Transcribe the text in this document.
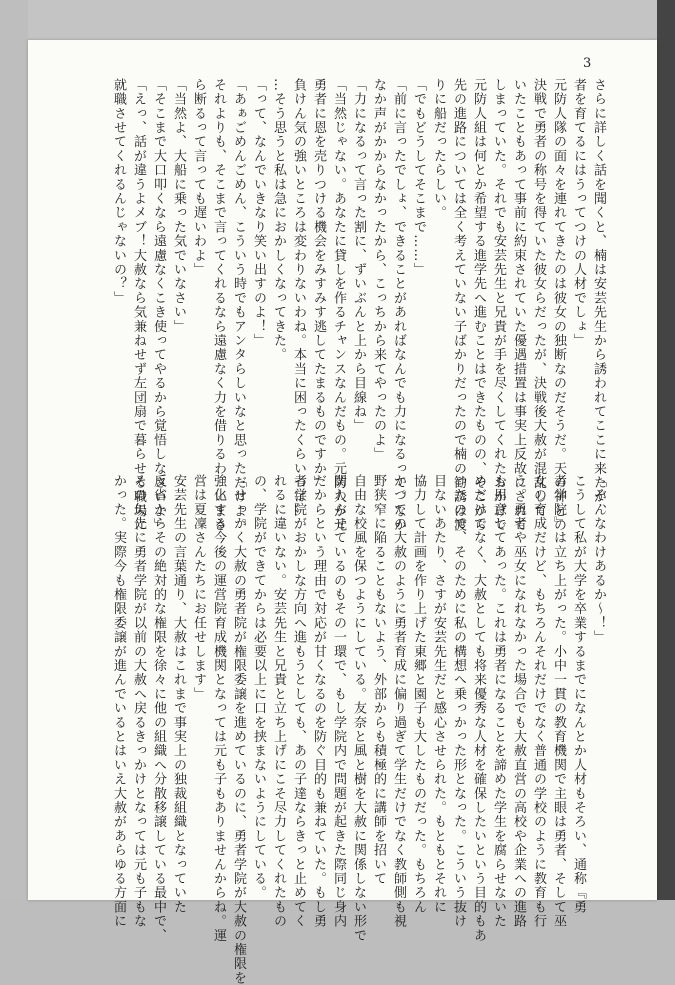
3
さらに詳しく話を聞くと、楠は安芸先生から誘われてここに来たが、
者を育てるにはうってつけの人材でしょ」
元防人隊の面々を連れてきたのは彼女の独断なのだそうだ。天の神との
決戦で勇者の称号を得ていた彼女らだったが、決戦後大赦が混乱して
いたこともあって事前に約束されていた優遇措置は事実上反故にされて
しまっていた。それでも安芸先生と兄貴が手を尽くしてくれたおかげで
元防人組は何とか希望する進学先へ進むことはできたものの、そこから
先の進路については全く考えていない子ばかりだったので楠の勧誘は渡
りに船だったらしい。
「でもどうしてそこまで……」
「前に言ったでしょ、できることがあればなんでも力になるって。なか
なか声がかからなかったから、こっちから来てやったのよ」
「力になるって言った割に、ずいぶんと上から目線ね」
「当然じゃない。あなたに貸しを作るチャンスなんだもの。元防人が元
勇者に恩を売りつける機会をみすみす逃してたまるものですか」
負けん気の強いところは変わりないわね。本当に困ったくらいつは…
…そう思うと私は急におかしくなってきた。
「って、なんでいきなり笑い出すのよ！」
「あぁごめんごめん、こういう時でもアンタらしいなと思っただけよ。
それよりも、そこまで言ってくれるなら遠慮なく力を借りるわ。いまさ
ら断るって言っても遅いわよ」
「当然よ、大船に乗った気でいなさい」
「そこまで大口叩くなら遠慮なくこき使ってやるから覚悟しなさいよ」
「えっ、話が違うよメブ！大赦なら気兼ねせず左団扇で暮らせる職場に
就職させてくれるんじゃないの？」
「そんなわけあるか～！」
こうして私が大学を卒業するまでになんとか人材もそろい、通称『勇
者学院』は立ち上がった。小中一貫の教育機関で主眼は勇者、そして巫
女の育成だけど、もちろんそれだけでなく普通の学校のように教育も行
う。勇者や巫女になれなかった場合でも大赦直営の高校や企業への進路
も用意してあった。これは勇者になることを諦めた学生を腐らせないた
めだけでなく、大赦としても将来優秀な人材を確保したいという目的もあ
ったので、そのために私の構想へ乗っかった形となった。こういう抜け
目ないあたり、さすが安芸先生だと感心させられた。もともとそれに
協力して計画を作り上げた東郷と園子も大したものだった。もちろん
かつての大赦のように勇者育成に偏り過ぎて学生だけでなく教師側も視
野狭窄に陥ることもないよう、外部からも積極的に講師を招いて
自由な校風を保つようにしている。友奈と風と樹を大赦に関係しない形で
関わらせているのもその一環で、もし学院内で問題が起きた際同じ身内
だからという理由で対応が甘くなるのを防ぐ目的も兼ねていた。もし勇
者学院がおかしな方向へ進もうとしても、あの子達ならきっと止めてく
れるに違いない。安芸先生と兄貴と立ち上げにこそ尽力してくれたもの
の、学院ができてからは必要以上に口を挟まないようにしている。
「せっかく大赦の勇者院が権限委譲を進めているのに、勇者学院が大赦の権限を
強化する今後の運営院育成機関となっては元も子もありませんからね。運
営は夏凜さんたちにお任せします」
安芸先生の言葉通り、大赦はこれまで事実上の独裁組織となっていた
反省からその絶対的な権限を徐々に他の組織へ分散移譲している最中で、
その矢先に勇者学院が以前の大赦へ戻るきっかけとなっては元も子もな
かった。実際今も権限委譲が進んでいるとはいえ大赦があらゆる方面に
